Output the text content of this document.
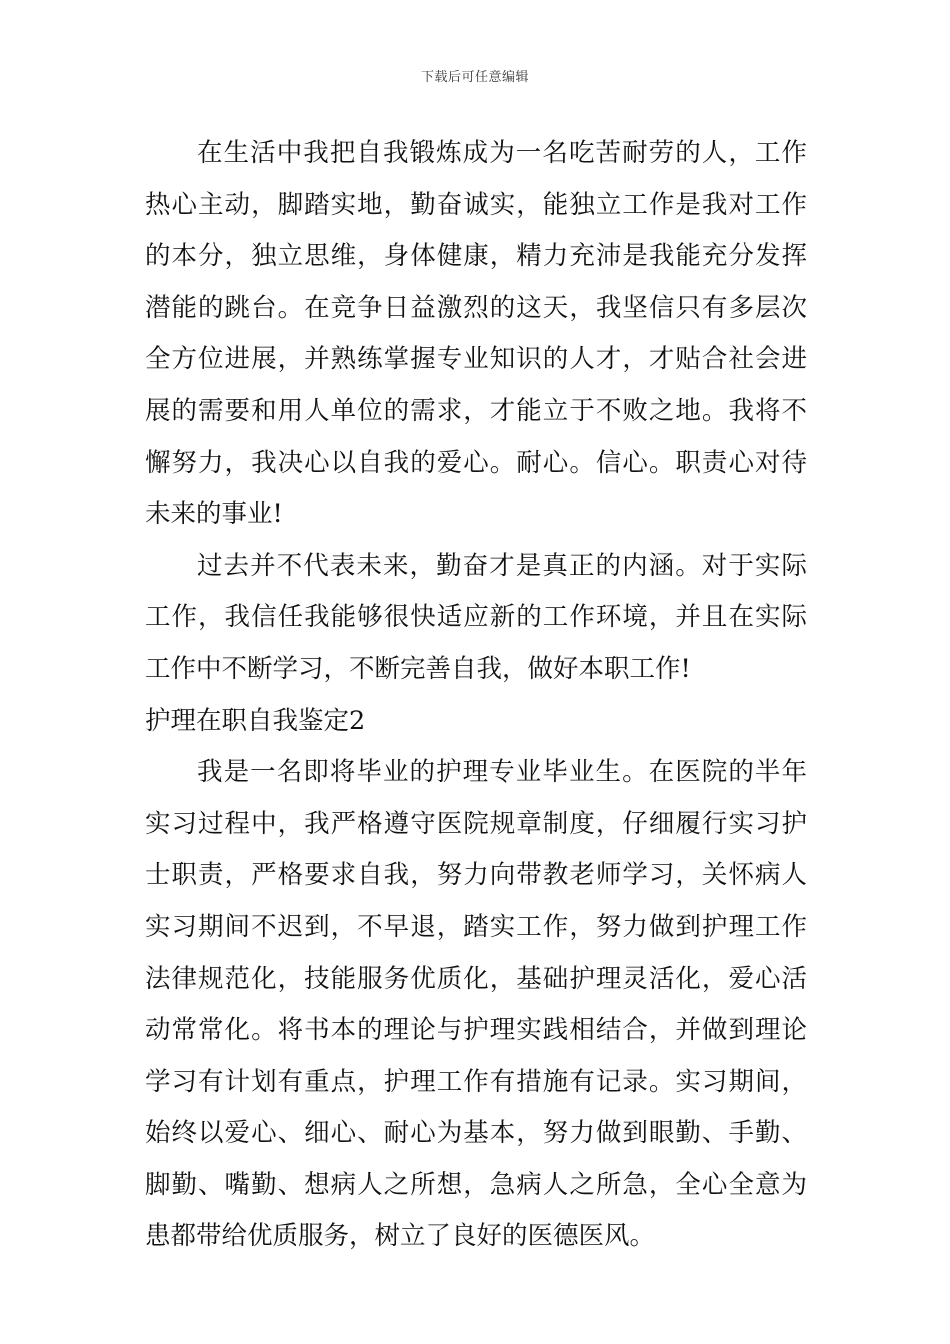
下载后可任意编辑
在生活中我把自我锻炼成为一名吃苦耐劳的人，工作
热心主动，脚踏实地，勤奋诚实，能独立工作是我对工作
的本分，独立思维，身体健康，精力充沛是我能充分发挥
潜能的跳台。在竞争日益激烈的这天，我坚信只有多层次
全方位进展，并熟练掌握专业知识的人才，才贴合社会进
展的需要和用人单位的需求，才能立于不败之地。我将不
懈努力，我决心以自我的爱心。耐心。信心。职责心对待
未来的事业!
过去并不代表未来，勤奋才是真正的内涵。对于实际
工作，我信任我能够很快适应新的工作环境，并且在实际
工作中不断学习，不断完善自我，做好本职工作!
护理在职自我鉴定2
我是一名即将毕业的护理专业毕业生。在医院的半年
实习过程中，我严格遵守医院规章制度，仔细履行实习护
士职责，严格要求自我，努力向带教老师学习，关怀病人
实习期间不迟到，不早退，踏实工作，努力做到护理工作
法律规范化，技能服务优质化，基础护理灵活化，爱心活
动常常化。将书本的理论与护理实践相结合，并做到理论
学习有计划有重点，护理工作有措施有记录。实习期间，
始终以爱心、细心、耐心为基本，努力做到眼勤、手勤、
脚勤、嘴勤、想病人之所想，急病人之所急，全心全意为
患都带给优质服务，树立了良好的医德医风。
